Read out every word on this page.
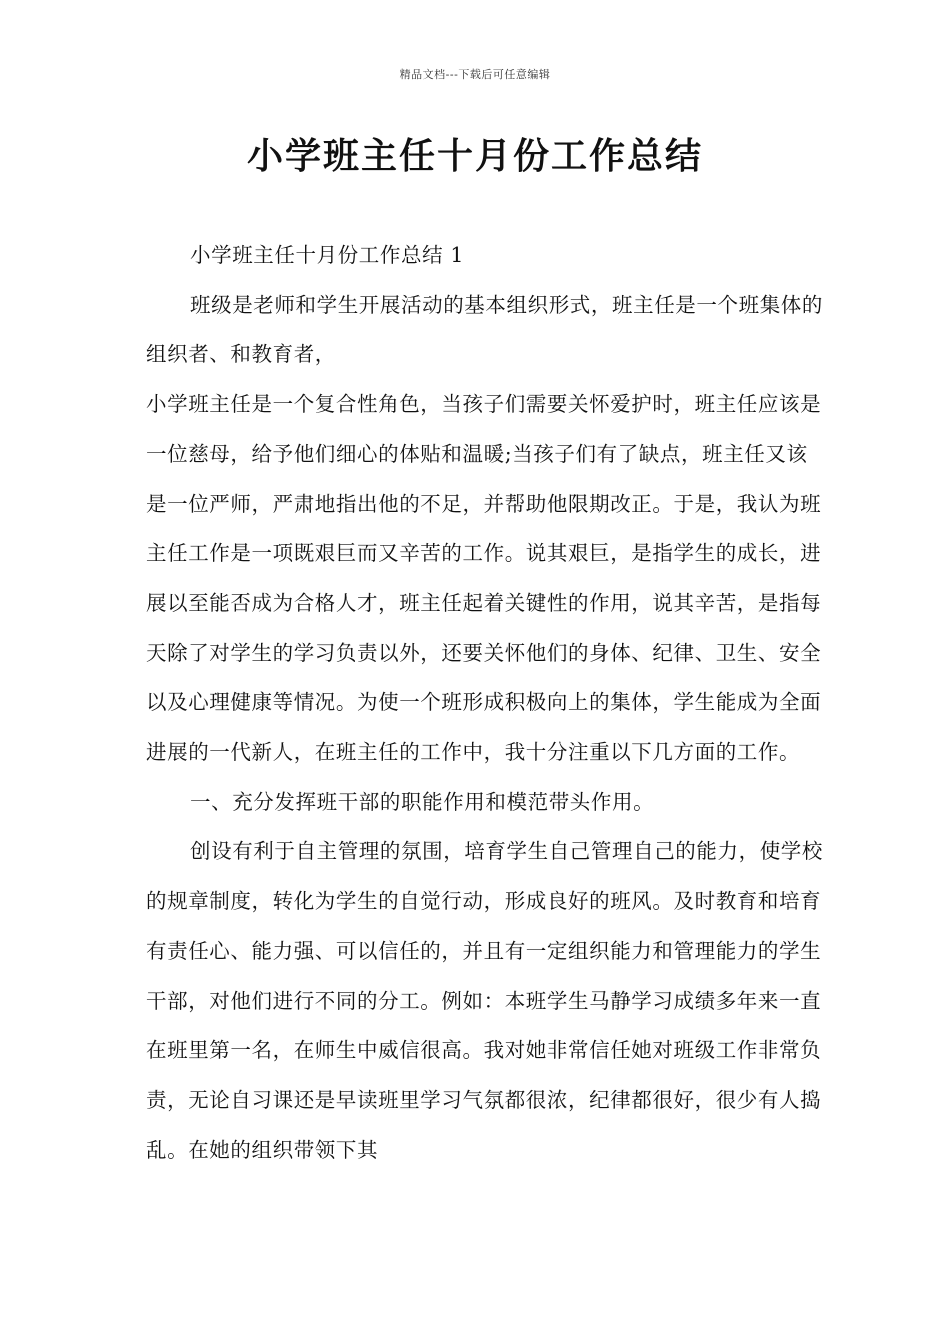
精品文档---下载后可任意编辑
小学班主任十月份工作总结

小学班主任十月份工作总结 1

班级是老师和学生开展活动的基本组织形式，班主任是一个班集体的组织者、和教育者，

小学班主任是一个复合性角色，当孩子们需要关怀爱护时，班主任应该是一位慈母，给予他们细心的体贴和温暖;当孩子们有了缺点，班主任又该是一位严师，严肃地指出他的不足，并帮助他限期改正。于是，我认为班主任工作是一项既艰巨而又辛苦的工作。说其艰巨，是指学生的成长，进展以至能否成为合格人才，班主任起着关键性的作用，说其辛苦，是指每天除了对学生的学习负责以外，还要关怀他们的身体、纪律、卫生、安全以及心理健康等情况。为使一个班形成积极向上的集体，学生能成为全面进展的一代新人，在班主任的工作中，我十分注重以下几方面的工作。

一、充分发挥班干部的职能作用和模范带头作用。

创设有利于自主管理的氛围，培育学生自己管理自己的能力，使学校的规章制度，转化为学生的自觉行动，形成良好的班风。及时教育和培育有责任心、能力强、可以信任的，并且有一定组织能力和管理能力的学生干部，对他们进行不同的分工。例如：本班学生马静学习成绩多年来一直在班里第一名，在师生中威信很高。我对她非常信任她对班级工作非常负责，无论自习课还是早读班里学习气氛都很浓，纪律都很好，很少有人捣乱。在她的组织带领下其
